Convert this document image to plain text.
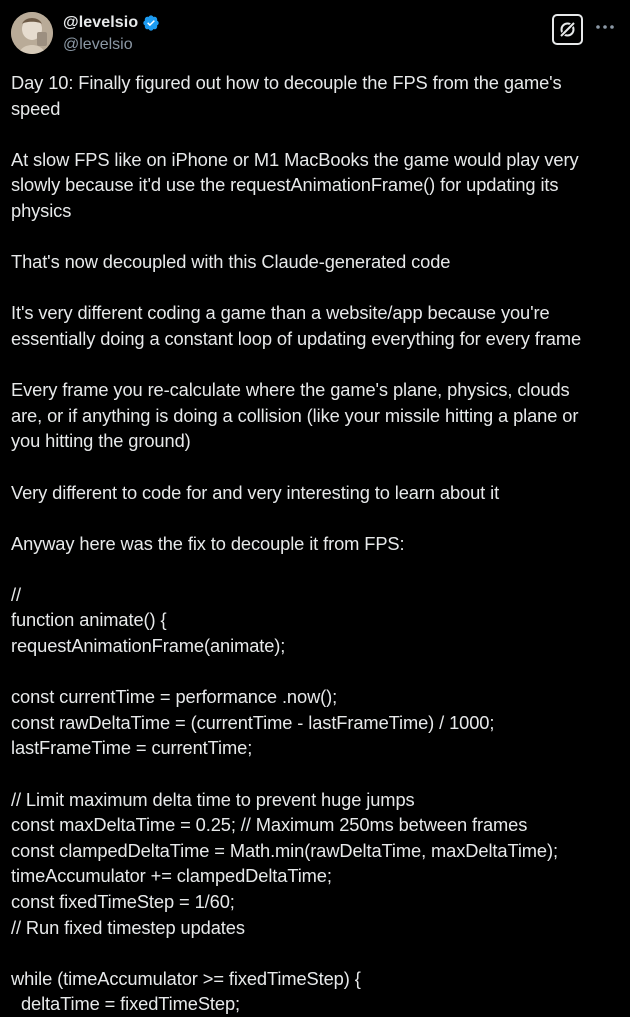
@levelsio
@levelsio
Day 10: Finally figured out how to decouple the FPS from the game's
speed
At slow FPS like on iPhone or M1 MacBooks the game would play very
slowly because it'd use the requestAnimationFrame() for updating its
physics
That's now decoupled with this Claude-generated code
It's very different coding a game than a website/app because you're
essentially doing a constant loop of updating everything for every frame
Every frame you re-calculate where the game's plane, physics, clouds
are, or if anything is doing a collision (like your missile hitting a plane or
you hitting the ground)
Very different to code for and very interesting to learn about it
Anyway here was the fix to decouple it from FPS:
//
function animate() {
requestAnimationFrame(animate);
const currentTime = performance .now();
const rawDeltaTime = (currentTime - lastFrameTime) / 1000;
lastFrameTime = currentTime;
// Limit maximum delta time to prevent huge jumps
const maxDeltaTime = 0.25; // Maximum 250ms between frames
const clampedDeltaTime = Math.min(rawDeltaTime, maxDeltaTime);
timeAccumulator += clampedDeltaTime;
const fixedTimeStep = 1/60;
// Run fixed timestep updates
while (timeAccumulator >= fixedTimeStep) {
deltaTime = fixedTimeStep;
